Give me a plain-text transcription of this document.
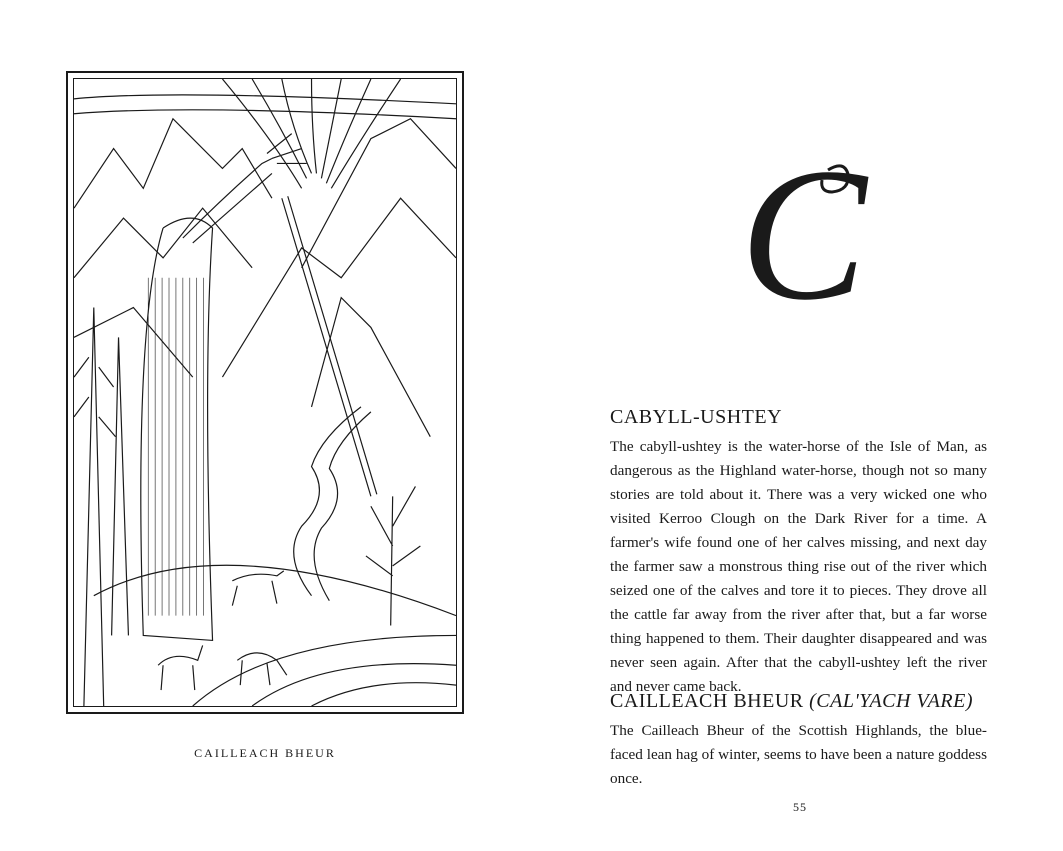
CAILLEACH BHEUR
C
CABYLL-USHTEY
The cabyll-ushtey is the water-horse of the Isle of Man, as dangerous as the Highland water-horse, though not so many stories are told about it. There was a very wicked one who visited Kerroo Clough on the Dark River for a time. A farmer's wife found one of her calves missing, and next day the farmer saw a monstrous thing rise out of the river which seized one of the calves and tore it to pieces. They drove all the cattle far away from the river after that, but a far worse thing happened to them. Their daughter disappeared and was never seen again. After that the cabyll-ushtey left the river and never came back.
CAILLEACH BHEUR (CAL'YACH VARE)
The Cailleach Bheur of the Scottish Highlands, the blue-faced lean hag of winter, seems to have been a nature goddess once.
55
